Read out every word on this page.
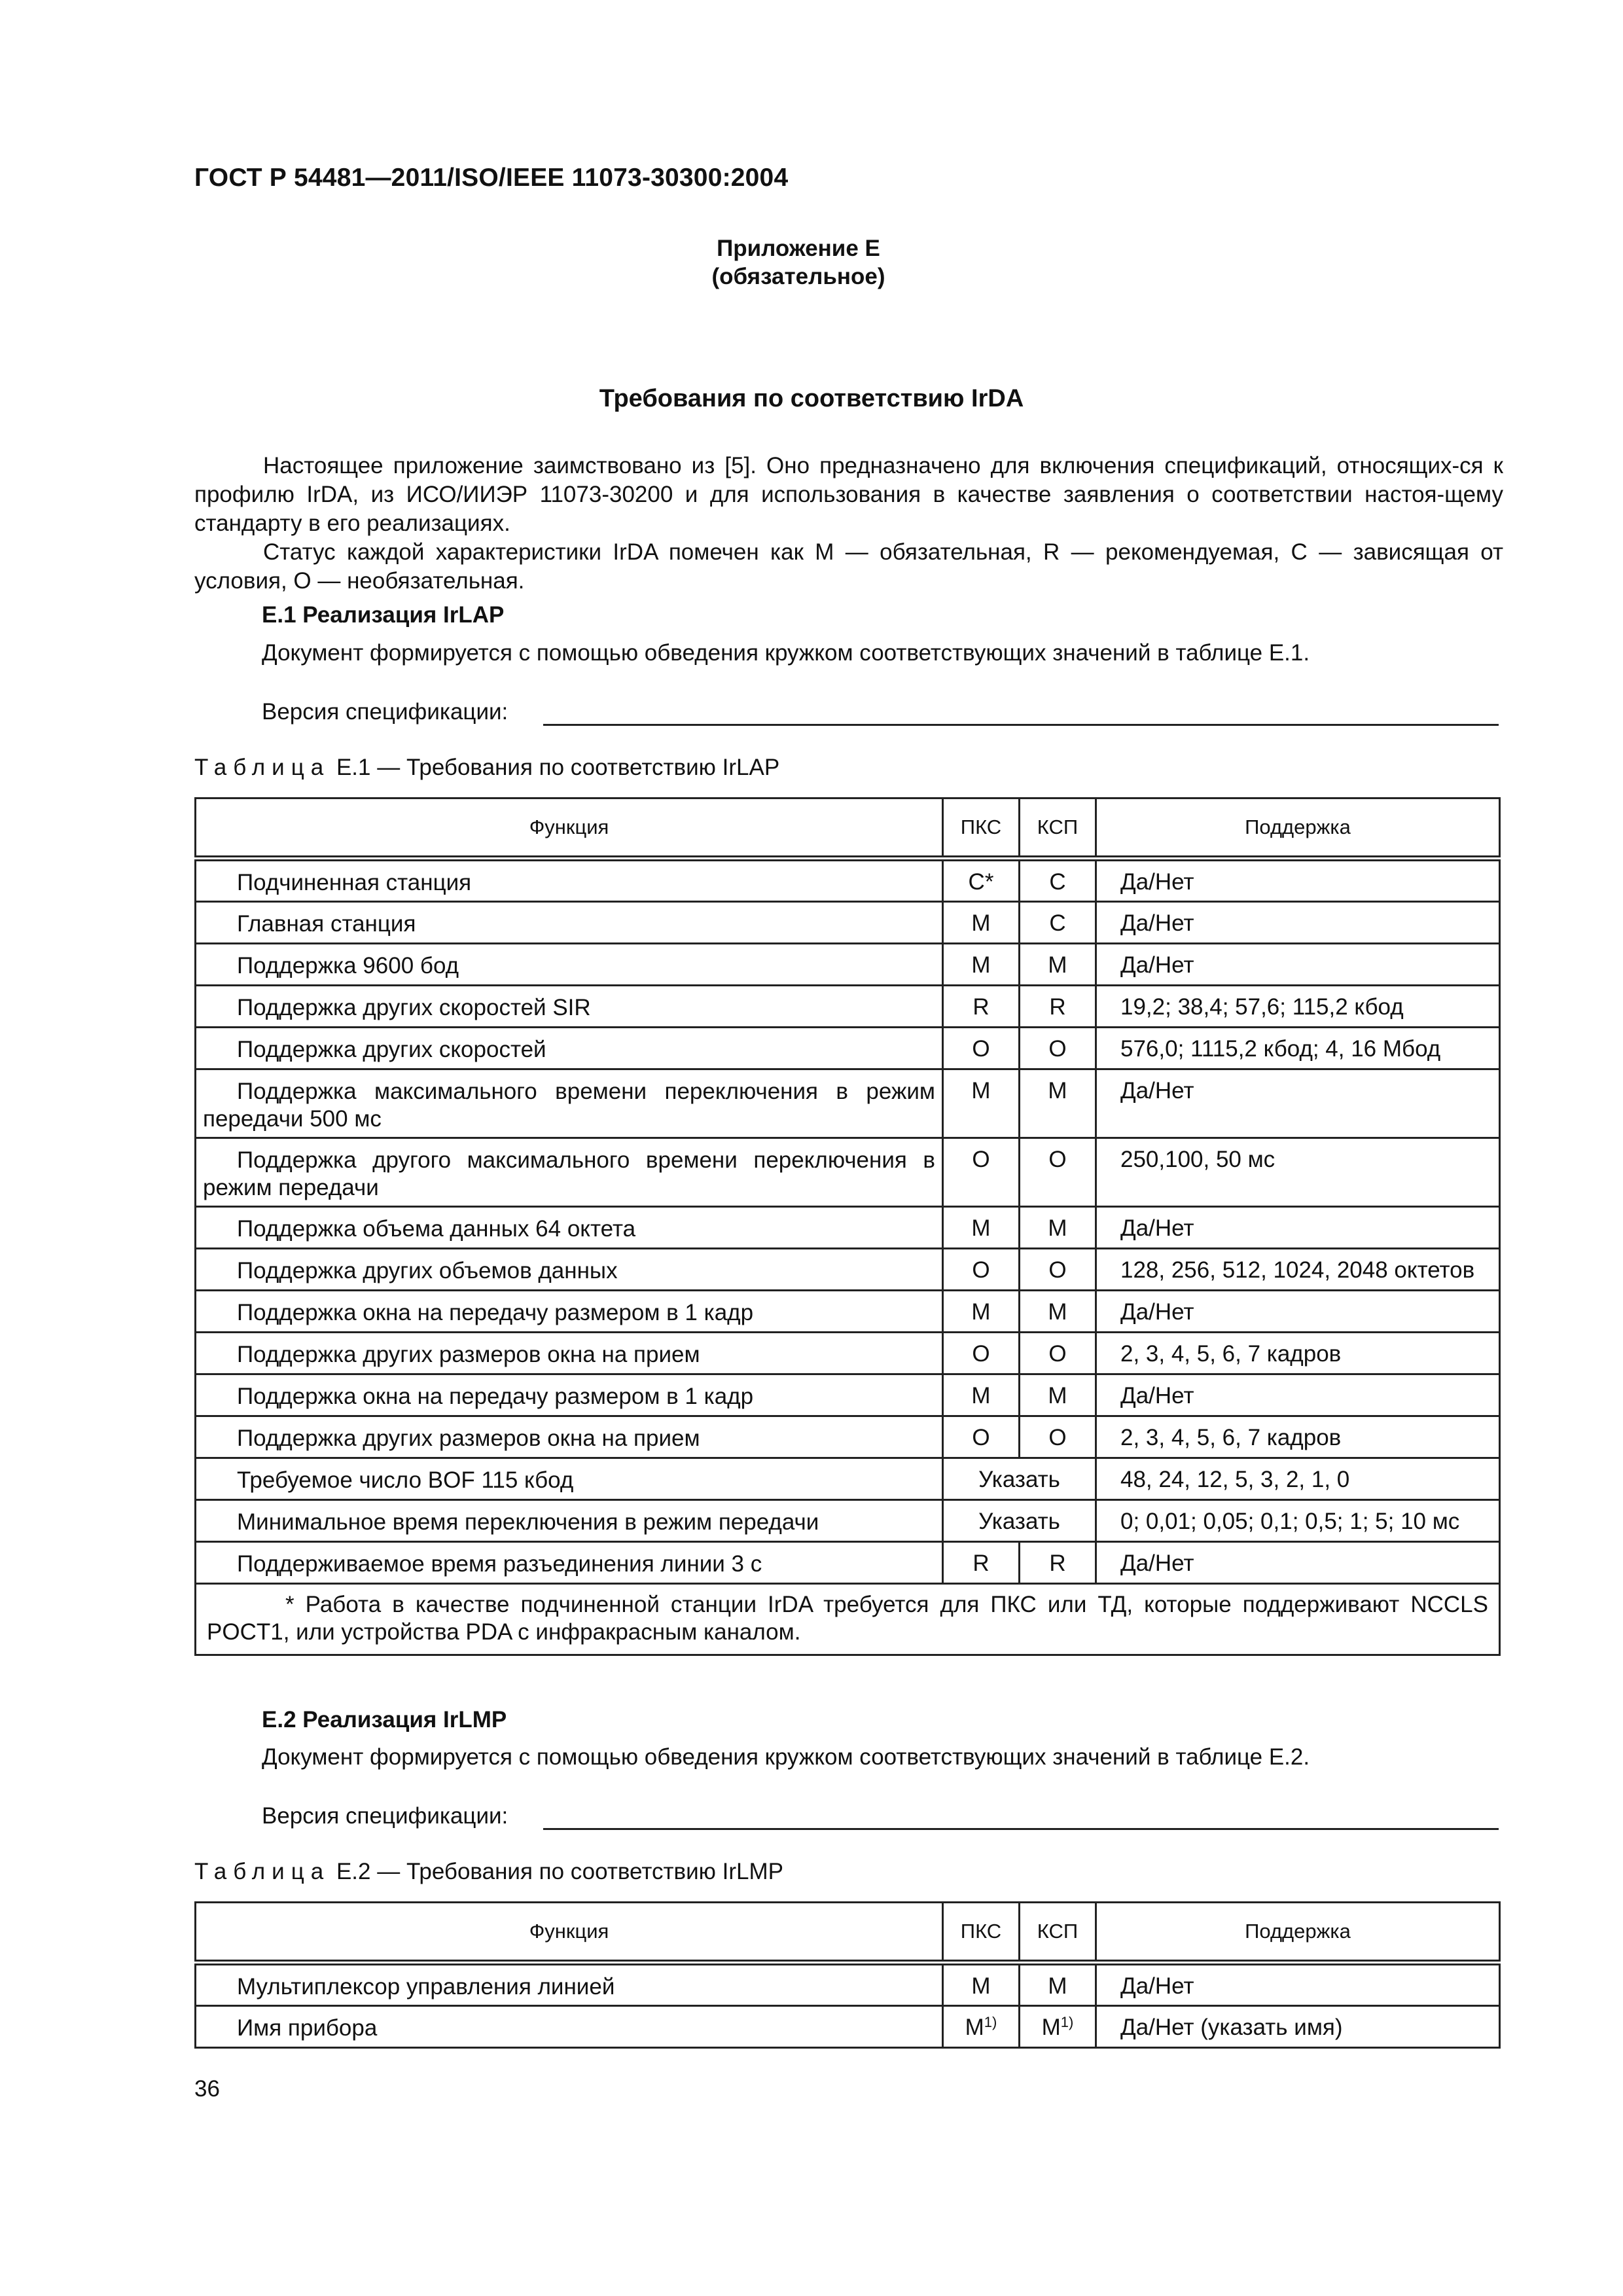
ГОСТ Р 54481—2011/ISO/IEEE 11073-30300:2004
Приложение Е
(обязательное)
Требования по соответствию IrDA
Настоящее приложение заимствовано из [5]. Оно предназначено для включения спецификаций, относящих-ся к профилю IrDA, из ИСО/ИИЭР 11073-30200 и для использования в качестве заявления о соответствии настоя-щему стандарту в его реализациях.
Статус каждой характеристики IrDA помечен как М — обязательная, R — рекомендуемая, С — зависящая от условия, О — необязательная.
Е.1 Реализация IrLAP
Документ формируется с помощью обведения кружком соответствующих значений в таблице Е.1.
Версия спецификации:
Таблица Е.1 — Требования по соответствию IrLAP
Функция	ПКС	КСП	Поддержка
Подчиненная станция	С*	С	Да/Нет
Главная станция	М	С	Да/Нет
Поддержка 9600 бод	М	М	Да/Нет
Поддержка других скоростей SIR	R	R	19,2; 38,4; 57,6; 115,2 кбод
Поддержка других скоростей	О	О	576,0; 1115,2 кбод; 4, 16 Мбод
Поддержка максимального времени переключения в режим передачи 500 мс	М	М	Да/Нет
Поддержка другого максимального времени переключения в режим передачи	О	О	250,100, 50 мс
Поддержка объема данных 64 октета	М	М	Да/Нет
Поддержка других объемов данных	О	О	128, 256, 512, 1024, 2048 октетов
Поддержка окна на передачу размером в 1 кадр	М	М	Да/Нет
Поддержка других размеров окна на прием	О	О	2, 3, 4, 5, 6, 7 кадров
Поддержка окна на передачу размером в 1 кадр	М	М	Да/Нет
Поддержка других размеров окна на прием	О	О	2, 3, 4, 5, 6, 7 кадров
Требуемое число BOF 115 кбод	Указать		48, 24, 12, 5, 3, 2, 1, 0
Минимальное время переключения в режим передачи	Указать		0; 0,01; 0,05; 0,1; 0,5; 1; 5; 10 мс
Поддерживаемое время разъединения линии 3 с	R	R	Да/Нет
* Работа в качестве подчиненной станции IrDA требуется для ПКС или ТД, которые поддерживают NCCLS POCT1, или устройства PDA с инфракрасным каналом.			
Е.2 Реализация IrLMP
Документ формируется с помощью обведения кружком соответствующих значений в таблице Е.2.
Версия спецификации:
Таблица Е.2 — Требования по соответствию IrLMP
Функция	ПКС	КСП	Поддержка
Мультиплексор управления линией	М	М	Да/Нет
Имя прибора	$М^{1)}$	$М^{1)}$	Да/Нет (указать имя)
36
